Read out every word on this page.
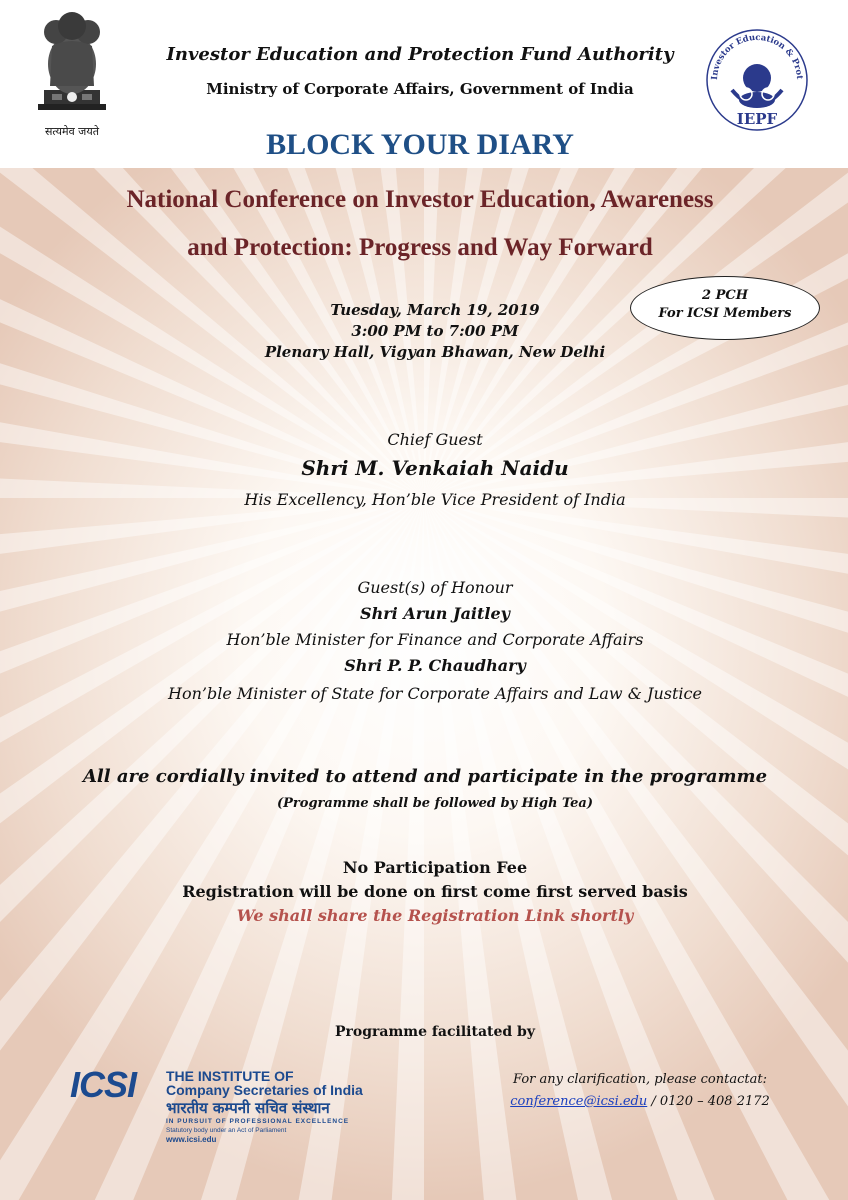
सत्यमेव जयते
Investor Education & Prot
IEPF
Investor Education and Protection Fund Authority
Ministry of Corporate Affairs, Government of India
BLOCK YOUR DIARY
National Conference on Investor Education, Awareness
and Protection: Progress and Way Forward
Tuesday, March 19, 2019
3:00 PM to 7:00 PM
Plenary Hall, Vigyan Bhawan, New Delhi
2 PCH
For ICSI Members
Chief Guest
Shri M. Venkaiah Naidu
His Excellency, Hon’ble Vice President of India
Guest(s) of Honour
Shri Arun Jaitley
Hon’ble Minister for Finance and Corporate Affairs
Shri P. P. Chaudhary
Hon’ble Minister of State for Corporate Affairs and Law & Justice
All are cordially invited to attend and participate in the programme
(Programme shall be followed by High Tea)
No Participation Fee
Registration will be done on first come first served basis
We shall share the Registration Link shortly
Programme facilitated by
ICSI THE INSTITUTE OF
Company Secretaries of India
भारतीय कम्पनी सचिव संस्थान
IN PURSUIT OF PROFESSIONAL EXCELLENCE
Statutory body under an Act of Parliament
www.icsi.edu
For any clarification, please contactat:
conference@icsi.edu / 0120 – 408 2172
